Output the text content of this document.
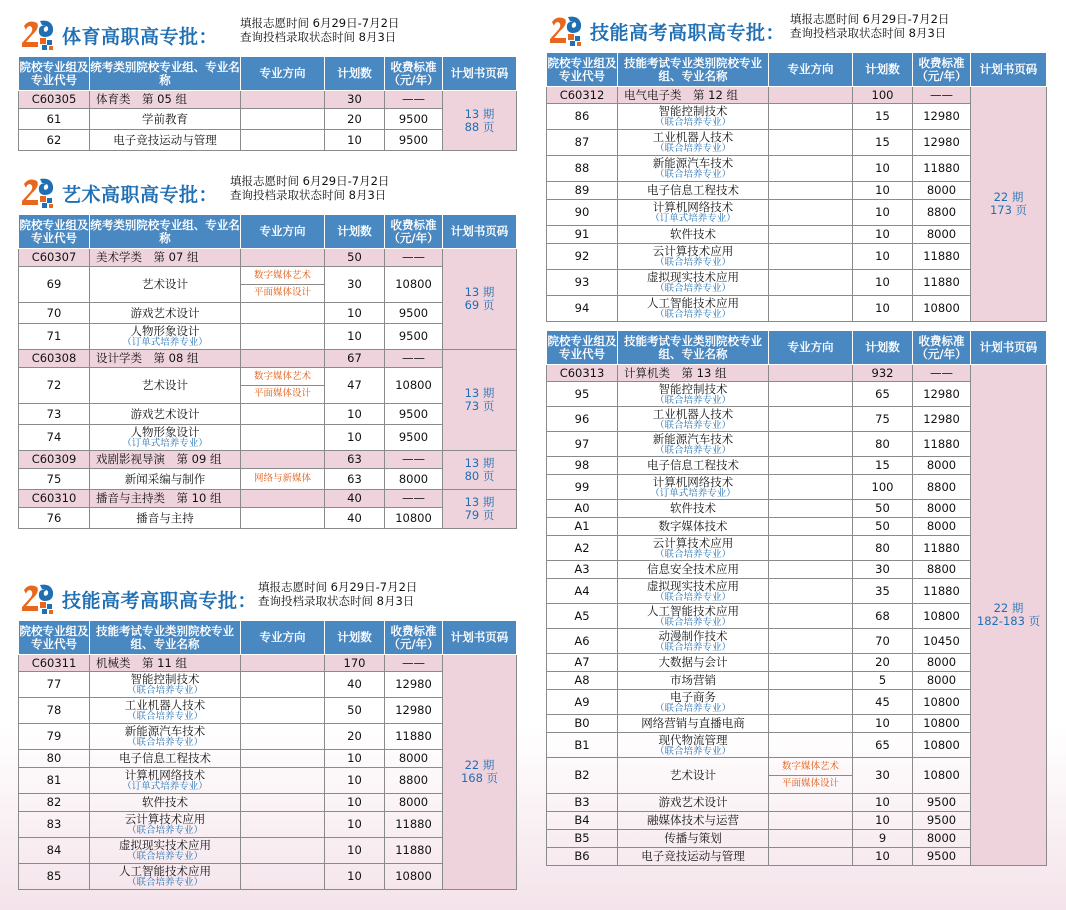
体育高职高专批：
填报志愿时间 6月29日-7月2日
查询投档录取状态时间 8月3日
院校专业组及专业代号	统考类别院校专业组、专业名称	专业方向	计划数	收费标准（元/年）	计划书页码
C60305	体育类　第 05 组		30	——	13 期
88 页
61	学前教育		20	9500	
62	电子竞技运动与管理		10	9500	
艺术高职高专批：
填报志愿时间 6月29日-7月2日
查询投档录取状态时间 8月3日
院校专业组及专业代号	统考类别院校专业组、专业名称	专业方向	计划数	收费标准（元/年）	计划书页码
C60307	美术学类　第 07 组		50	——	13 期
69 页
69	艺术设计	数字媒体艺术
平面媒体设计	30	10800	
70	游戏艺术设计		10	9500	
71	人物形象设计
（订单式培养专业）		10	9500	
C60308	设计学类　第 08 组		67	——	13 期
73 页
72	艺术设计	数字媒体艺术
平面媒体设计	47	10800	
73	游戏艺术设计		10	9500	
74	人物形象设计
（订单式培养专业）		10	9500	
C60309	戏剧影视导演　第 09 组		63	——	13 期
80 页
75	新闻采编与制作	网络与新媒体	63	8000	
C60310	播音与主持类　第 10 组		40	——	13 期
79 页
76	播音与主持		40	10800	
技能高考高职高专批：
填报志愿时间 6月29日-7月2日
查询投档录取状态时间 8月3日
院校专业组及专业代号	技能考试专业类别院校专业组、专业名称	专业方向	计划数	收费标准（元/年）	计划书页码
C60311	机械类　第 11 组		170	——	22 期
168 页
77	智能控制技术
（联合培养专业）		40	12980	
78	工业机器人技术
（联合培养专业）		50	12980	
79	新能源汽车技术
（联合培养专业）		20	11880	
80	电子信息工程技术		10	8000	
81	计算机网络技术
（订单式培养专业）		10	8800	
82	软件技术		10	8000	
83	云计算技术应用
（联合培养专业）		10	11880	
84	虚拟现实技术应用
（联合培养专业）		10	11880	
85	人工智能技术应用
（联合培养专业）		10	10800	
技能高考高职高专批：
填报志愿时间 6月29日-7月2日
查询投档录取状态时间 8月3日
院校专业组及专业代号	技能考试专业类别院校专业组、专业名称	专业方向	计划数	收费标准（元/年）	计划书页码
C60312	电气电子类　第 12 组		100	——	22 期
173 页
86	智能控制技术
（联合培养专业）		15	12980	
87	工业机器人技术
（联合培养专业）		15	12980	
88	新能源汽车技术
（联合培养专业）		10	11880	
89	电子信息工程技术		10	8000	
90	计算机网络技术
（订单式培养专业）		10	8800	
91	软件技术		10	8000	
92	云计算技术应用
（联合培养专业）		10	11880	
93	虚拟现实技术应用
（联合培养专业）		10	11880	
94	人工智能技术应用
（联合培养专业）		10	10800	
院校专业组及专业代号	技能考试专业类别院校专业组、专业名称	专业方向	计划数	收费标准（元/年）	计划书页码
C60313	计算机类　第 13 组		932	——	22 期
182-183 页
95	智能控制技术
（联合培养专业）		65	12980	
96	工业机器人技术
（联合培养专业）		75	12980	
97	新能源汽车技术
（联合培养专业）		80	11880	
98	电子信息工程技术		15	8000	
99	计算机网络技术
（订单式培养专业）		100	8800	
A0	软件技术		50	8000	
A1	数字媒体技术		50	8000	
A2	云计算技术应用
（联合培养专业）		80	11880	
A3	信息安全技术应用		30	8800	
A4	虚拟现实技术应用
（联合培养专业）		35	11880	
A5	人工智能技术应用
（联合培养专业）		68	10800	
A6	动漫制作技术
（联合培养专业）		70	10450	
A7	大数据与会计		20	8000	
A8	市场营销		5	8000	
A9	电子商务
（联合培养专业）		45	10800	
B0	网络营销与直播电商		10	10800	
B1	现代物流管理
（联合培养专业）		65	10800	
B2	艺术设计	数字媒体艺术
平面媒体设计	30	10800	
B3	游戏艺术设计		10	9500	
B4	融媒体技术与运营		10	9500	
B5	传播与策划		9	8000	
B6	电子竞技运动与管理		10	9500	
